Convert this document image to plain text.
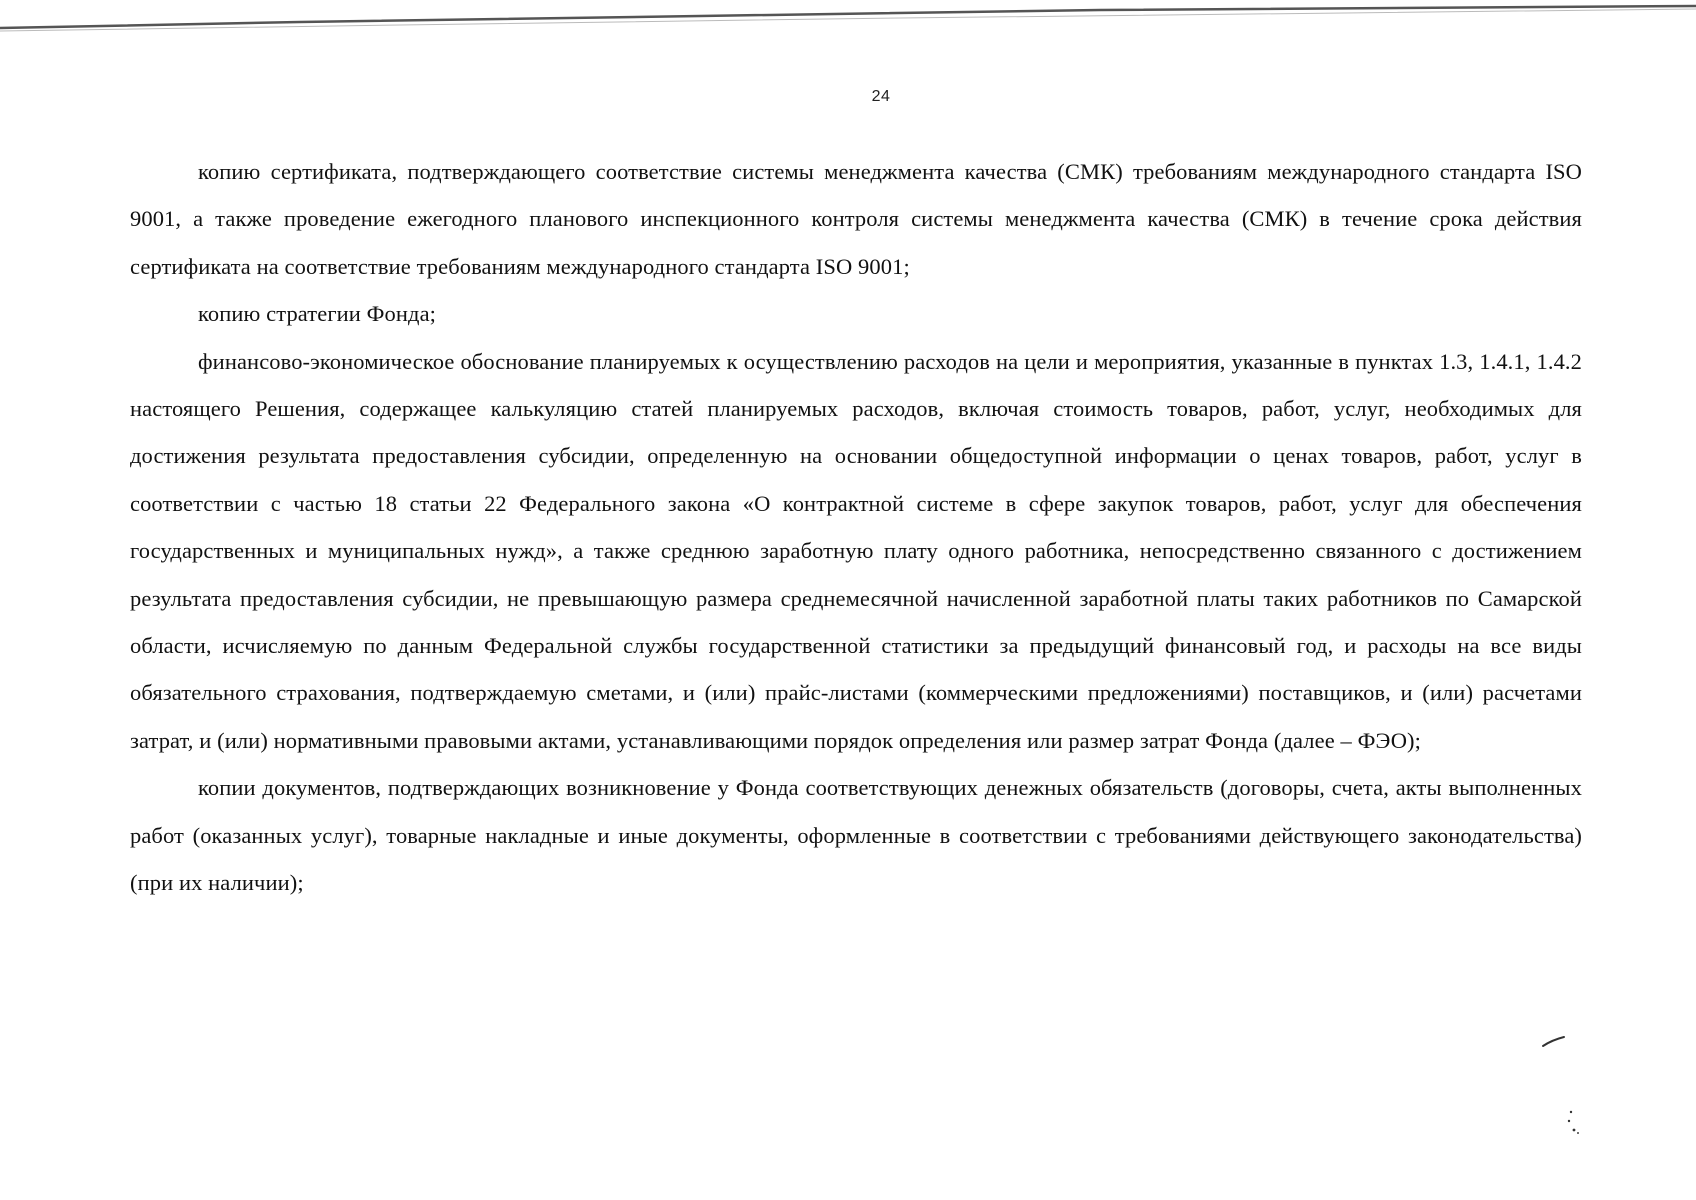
24

копию сертификата, подтверждающего соответствие системы менеджмента качества (СМК) требованиям международного стандарта ISO 9001, а также проведение ежегодного планового инспекционного контроля системы менеджмента качества (СМК) в течение срока действия сертификата на соответствие требованиям международного стандарта ISO 9001;

копию стратегии Фонда;

финансово-экономическое обоснование планируемых к осуществлению расходов на цели и мероприятия, указанные в пунктах 1.3, 1.4.1, 1.4.2 настоящего Решения, содержащее калькуляцию статей планируемых расходов, включая стоимость товаров, работ, услуг, необходимых для достижения результата предоставления субсидии, определенную на основании общедоступной информации о ценах товаров, работ, услуг в соответствии с частью 18 статьи 22 Федерального закона «О контрактной системе в сфере закупок товаров, работ, услуг для обеспечения государственных и муниципальных нужд», а также среднюю заработную плату одного работника, непосредственно связанного с достижением результата предоставления субсидии, не превышающую размера среднемесячной начисленной заработной платы таких работников по Самарской области, исчисляемую по данным Федеральной службы государственной статистики за предыдущий финансовый год, и расходы на все виды обязательного страхования, подтверждаемую сметами, и (или) прайс-листами (коммерческими предложениями) поставщиков, и (или) расчетами затрат, и (или) нормативными правовыми актами, устанавливающими порядок определения или размер затрат Фонда (далее – ФЭО);

копии документов, подтверждающих возникновение у Фонда соответствующих денежных обязательств (договоры, счета, акты выполненных работ (оказанных услуг), товарные накладные и иные документы, оформленные в соответствии с требованиями действующего законодательства) (при их наличии);
